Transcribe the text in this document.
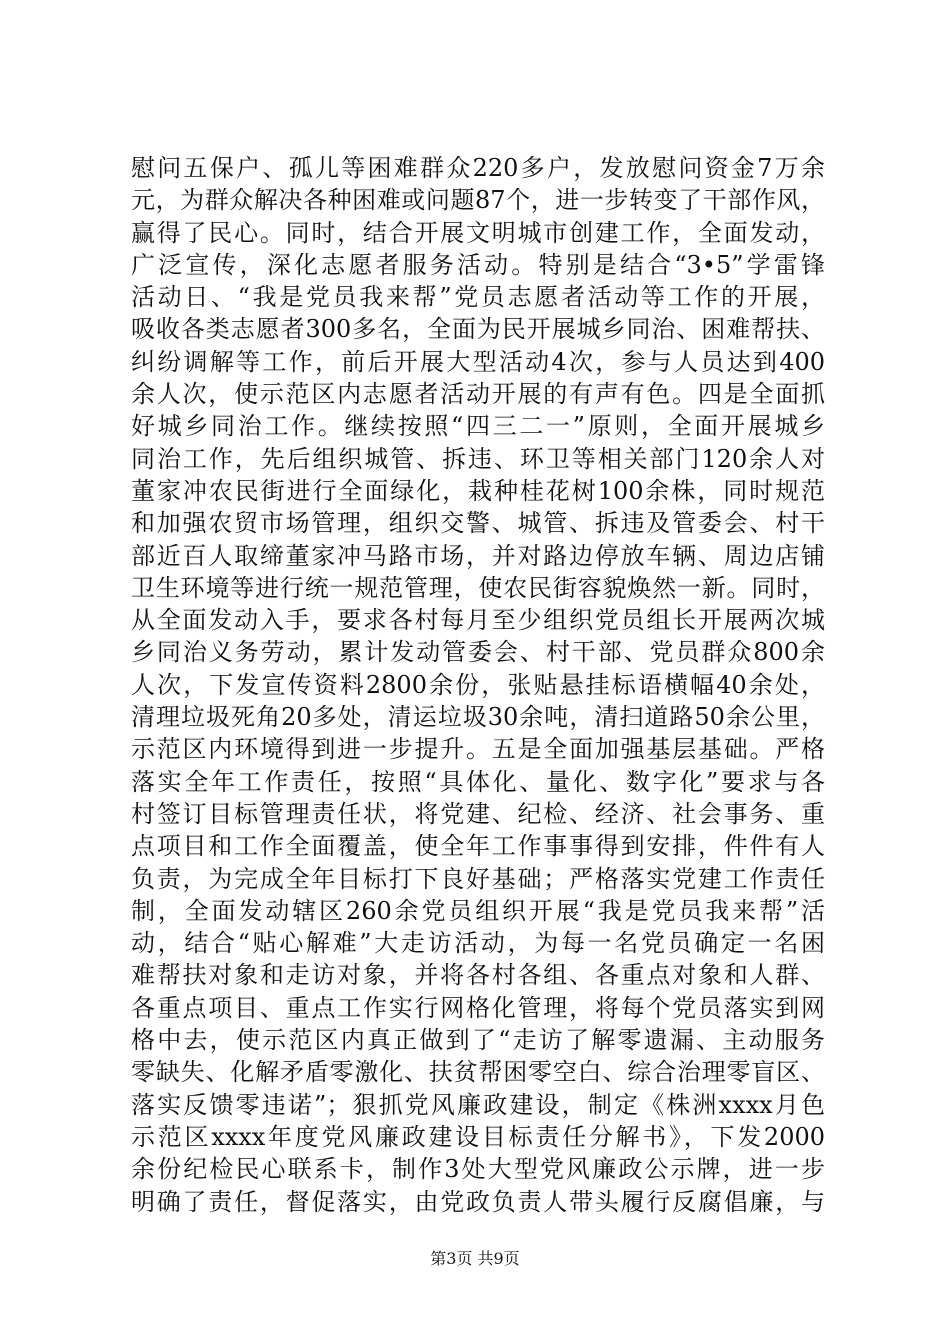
慰问五保户、孤儿等困难群众220多户，发放慰问资金7万余
元，为群众解决各种困难或问题87个，进一步转变了干部作风，
赢得了民心。同时，结合开展文明城市创建工作，全面发动，
广泛宣传，深化志愿者服务活动。特别是结合“3•5”学雷锋
活动日、“我是党员我来帮”党员志愿者活动等工作的开展，
吸收各类志愿者300多名，全面为民开展城乡同治、困难帮扶、
纠纷调解等工作，前后开展大型活动4次，参与人员达到400
余人次，使示范区内志愿者活动开展的有声有色。四是全面抓
好城乡同治工作。继续按照“四三二一”原则，全面开展城乡
同治工作，先后组织城管、拆违、环卫等相关部门120余人对
董家冲农民街进行全面绿化，栽种桂花树100余株，同时规范
和加强农贸市场管理，组织交警、城管、拆违及管委会、村干
部近百人取缔董家冲马路市场，并对路边停放车辆、周边店铺
卫生环境等进行统一规范管理，使农民街容貌焕然一新。同时，
从全面发动入手，要求各村每月至少组织党员组长开展两次城
乡同治义务劳动，累计发动管委会、村干部、党员群众800余
人次，下发宣传资料2800余份，张贴悬挂标语横幅40余处，
清理垃圾死角20多处，清运垃圾30余吨，清扫道路50余公里，
示范区内环境得到进一步提升。五是全面加强基层基础。严格
落实全年工作责任，按照“具体化、量化、数字化”要求与各
村签订目标管理责任状，将党建、纪检、经济、社会事务、重
点项目和工作全面覆盖，使全年工作事事得到安排，件件有人
负责，为完成全年目标打下良好基础；严格落实党建工作责任
制，全面发动辖区260余党员组织开展“我是党员我来帮”活
动，结合“贴心解难”大走访活动，为每一名党员确定一名困
难帮扶对象和走访对象，并将各村各组、各重点对象和人群、
各重点项目、重点工作实行网格化管理，将每个党员落实到网
格中去，使示范区内真正做到了“走访了解零遗漏、主动服务
零缺失、化解矛盾零激化、扶贫帮困零空白、综合治理零盲区、
落实反馈零违诺”；狠抓党风廉政建设，制定《株洲xxxx月色
示范区xxxx年度党风廉政建设目标责任分解书》，下发2000
余份纪检民心联系卡，制作3处大型党风廉政公示牌，进一步
明确了责任，督促落实，由党政负责人带头履行反腐倡廉，与
第3页 共9页
